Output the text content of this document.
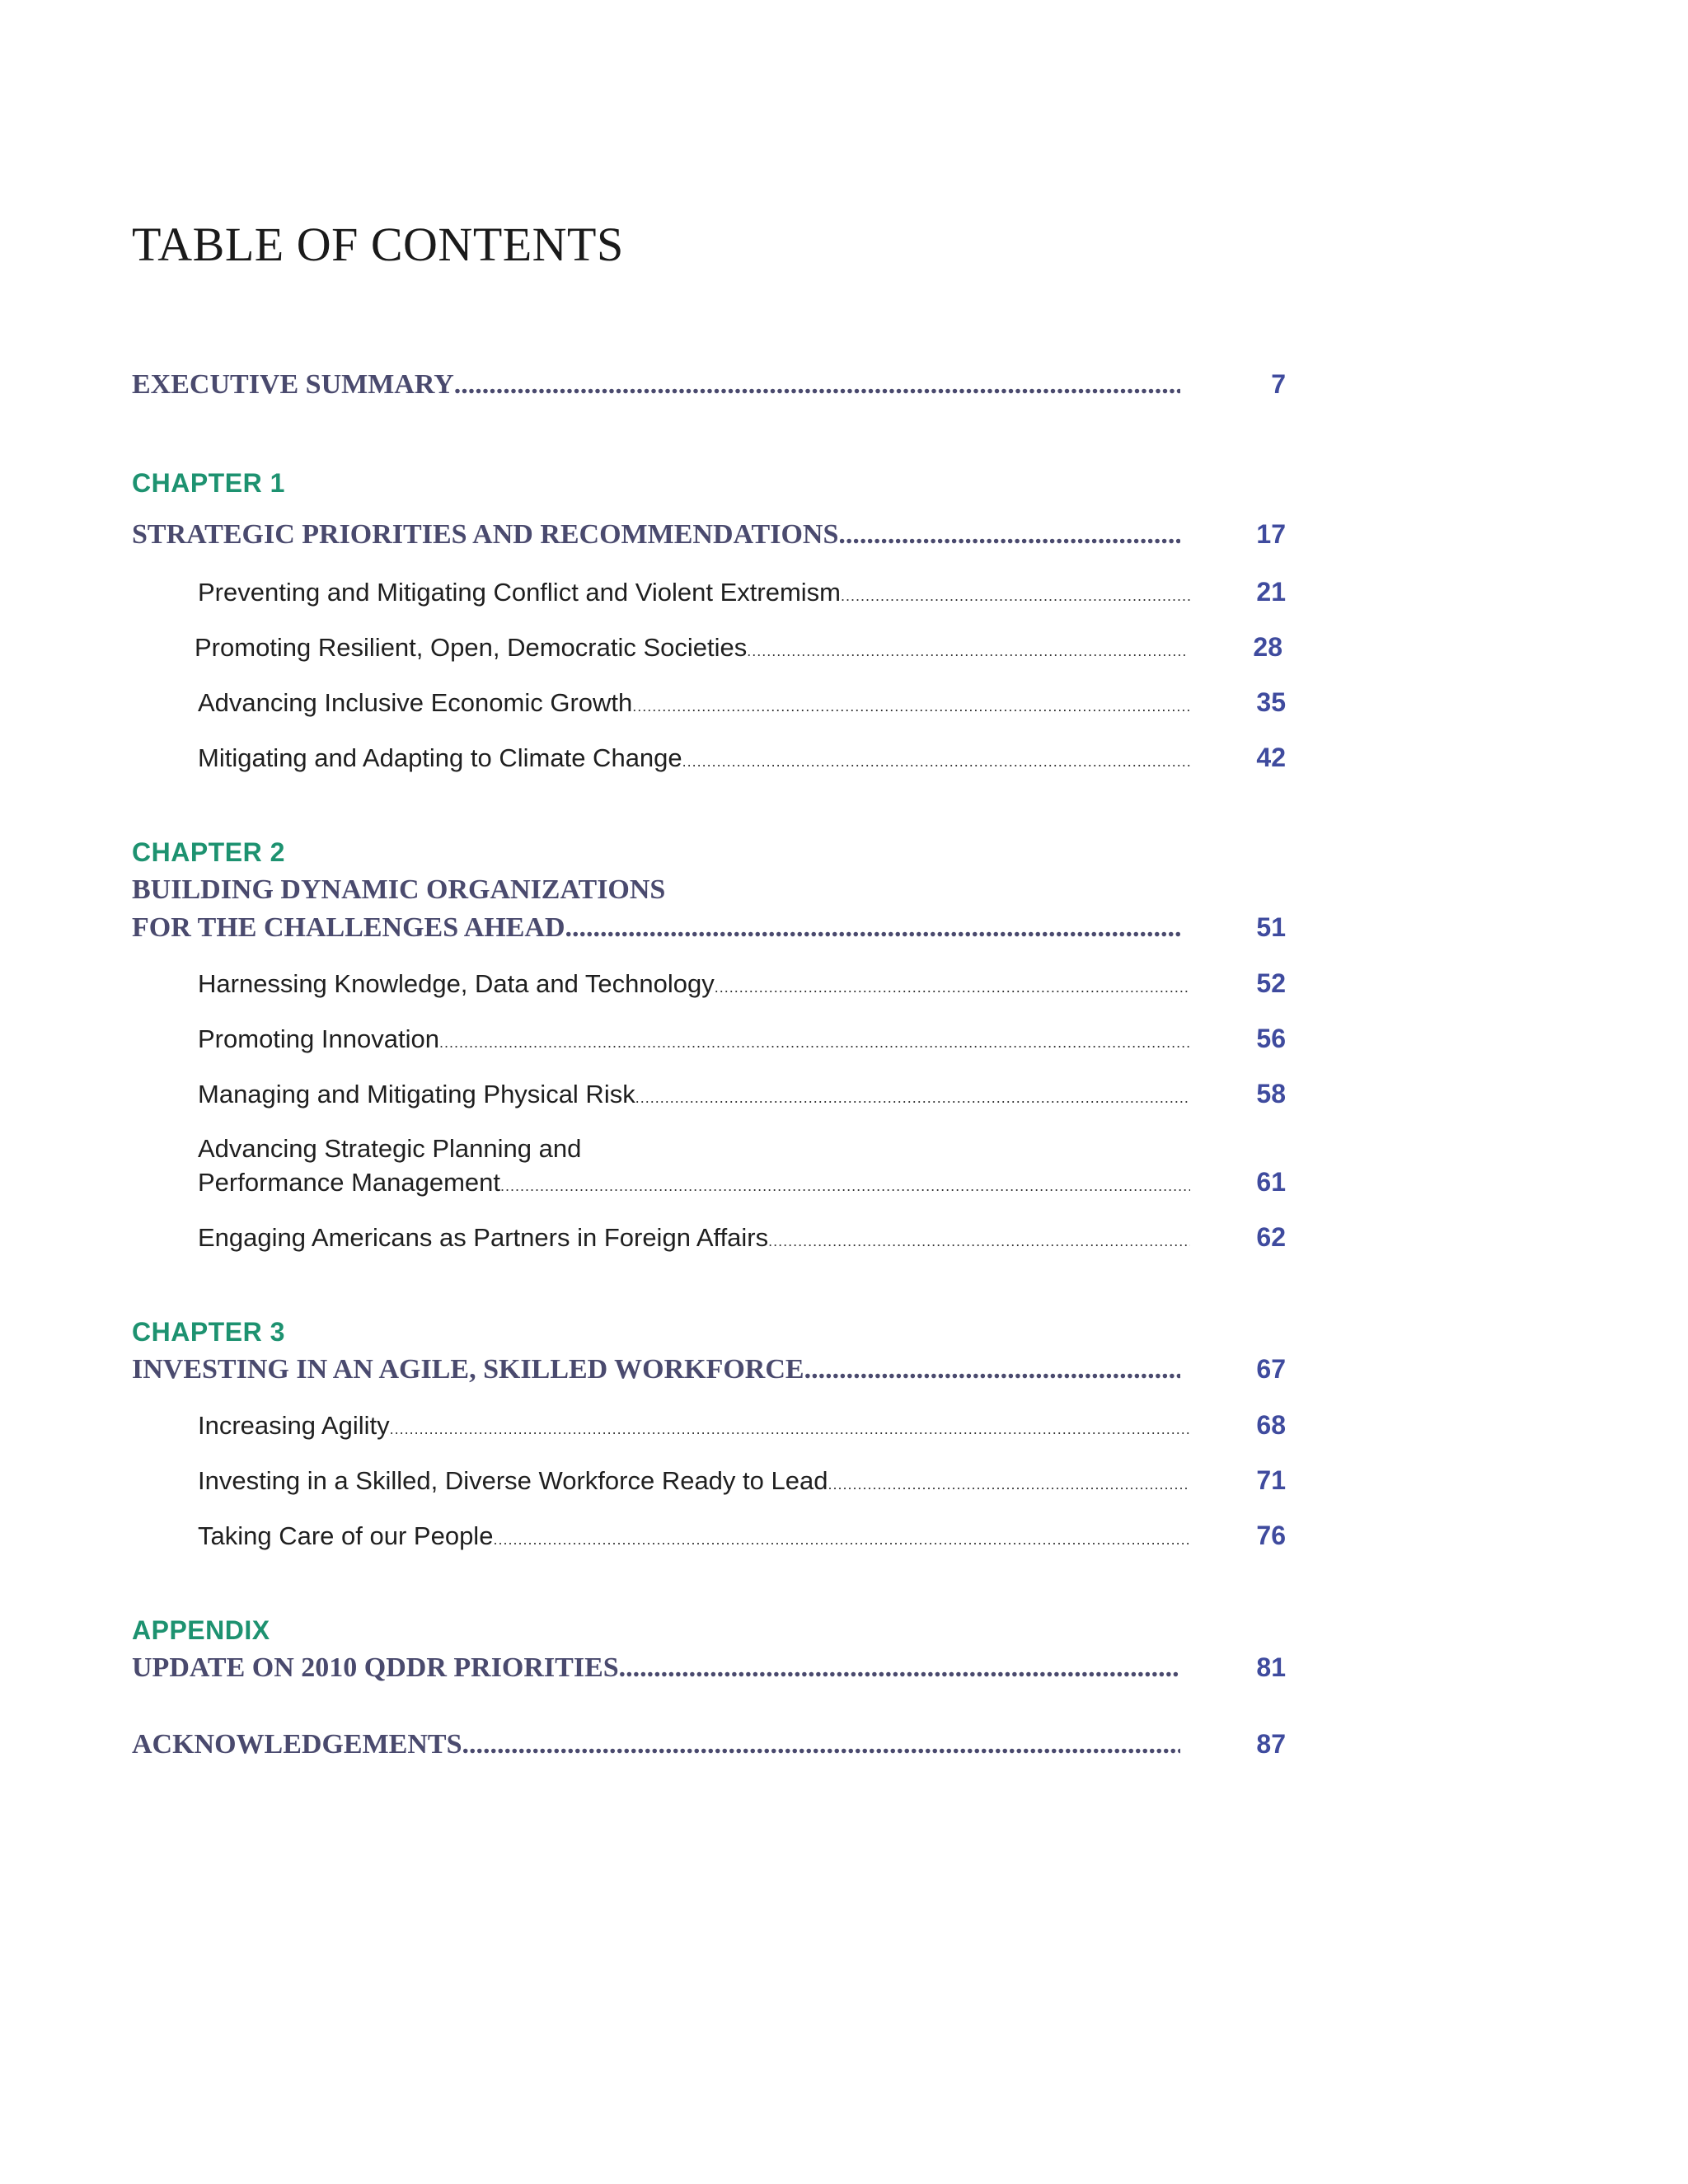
TABLE OF CONTENTS
EXECUTIVE SUMMARY .....	7
CHAPTER 1
STRATEGIC PRIORITIES AND RECOMMENDATIONS .....	17
Preventing and Mitigating Conflict and Violent Extremism .....	21
Promoting Resilient, Open, Democratic Societies .....	28
Advancing Inclusive Economic Growth .....	35
Mitigating and Adapting to Climate Change .....	42
CHAPTER 2
BUILDING DYNAMIC ORGANIZATIONS
FOR THE CHALLENGES AHEAD .....	51
Harnessing Knowledge, Data and Technology .....	52
Promoting Innovation .....	56
Managing and Mitigating Physical Risk .....	58
Advancing Strategic Planning and
Performance Management .....	61
Engaging Americans as Partners in Foreign Affairs .....	62
CHAPTER 3
INVESTING IN AN AGILE, SKILLED WORKFORCE .....	67
Increasing Agility .....	68
Investing in a Skilled, Diverse Workforce Ready to Lead .....	71
Taking Care of our People .....	76
APPENDIX
UPDATE ON 2010 QDDR PRIORITIES .....	81
ACKNOWLEDGEMENTS .....	87
